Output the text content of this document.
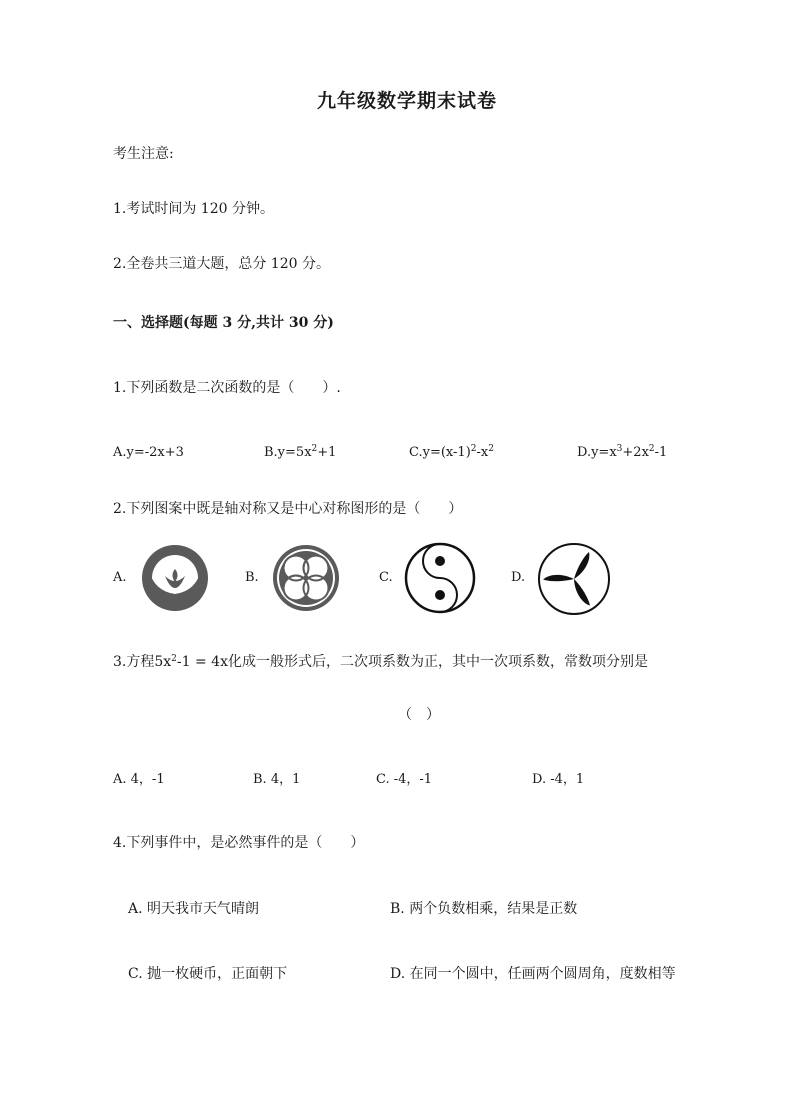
九年级数学期末试卷
考生注意:
1.考试时间为 120 分钟。
2.全卷共三道大题，总分 120 分。
一、选择题(每题 3 分,共计 30 分)
1.下列函数是二次函数的是（　　）.
A.y=-2x+3	$B.y=5x^2+1$	$C.y=(x-1)^2-x^2$	$D.y=x^3+2x^2-1$
2.下列图案中既是轴对称又是中心对称图形的是（　　）
A.	B.	C.	D.
3.方程$5x^2-1 = 4x$化成一般形式后，二次项系数为正，其中一次项系数，常数项分别是
（　）
A. 4，-1	B. 4，1	C. -4，-1	D. -4，1
4.下列事件中，是必然事件的是（　　）
A. 明天我市天气晴朗	B. 两个负数相乘，结果是正数
C. 抛一枚硬币，正面朝下	D. 在同一个圆中，任画两个圆周角，度数相等
